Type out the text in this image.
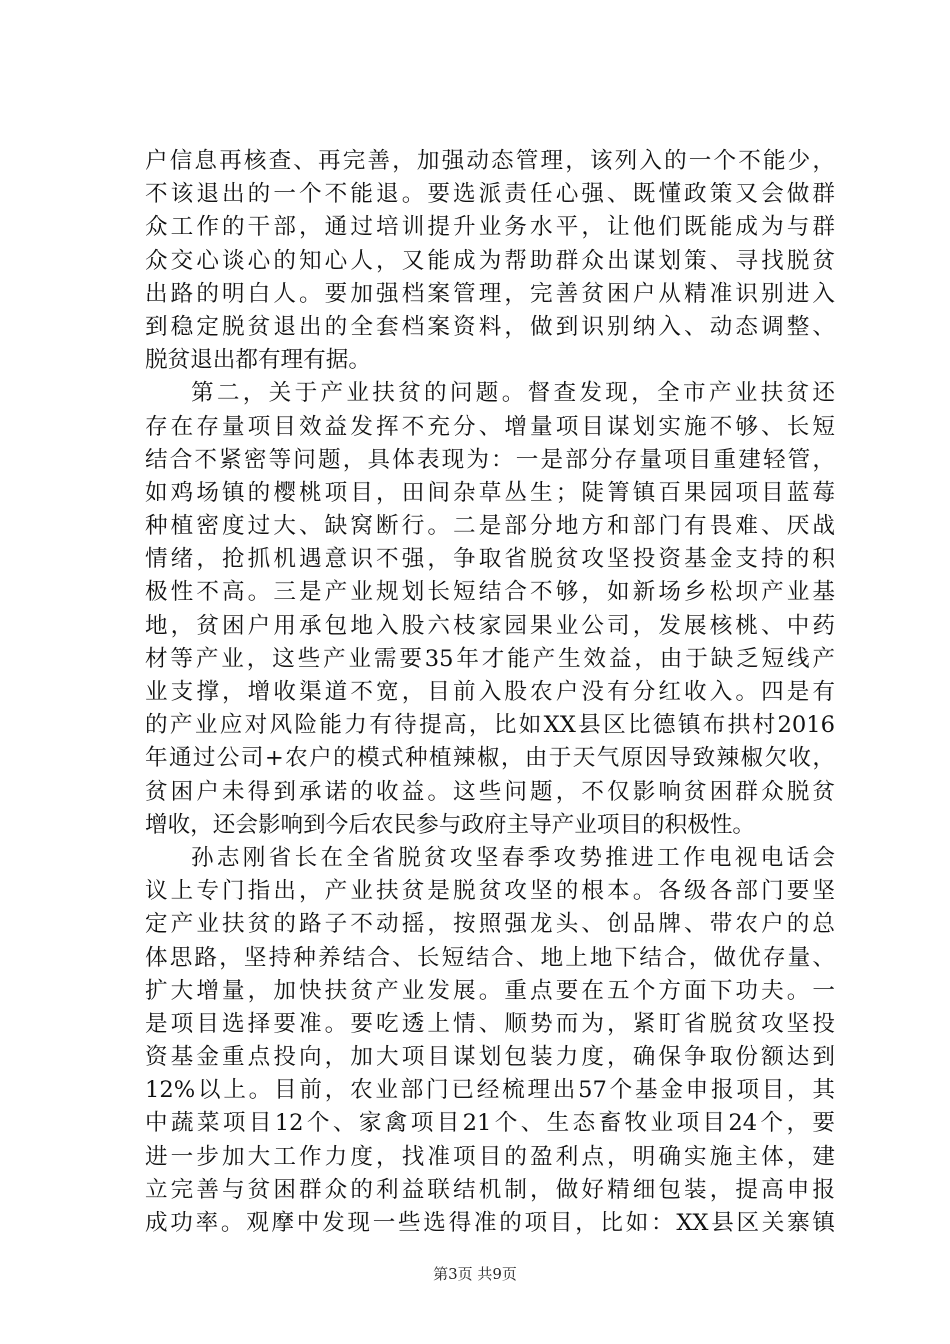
户信息再核查、再完善，加强动态管理，该列入的一个不能少，
不该退出的一个不能退。要选派责任心强、既懂政策又会做群
众工作的干部，通过培训提升业务水平，让他们既能成为与群
众交心谈心的知心人，又能成为帮助群众出谋划策、寻找脱贫
出路的明白人。要加强档案管理，完善贫困户从精准识别进入
到稳定脱贫退出的全套档案资料，做到识别纳入、动态调整、
脱贫退出都有理有据。
第二，关于产业扶贫的问题。督查发现，全市产业扶贫还
存在存量项目效益发挥不充分、增量项目谋划实施不够、长短
结合不紧密等问题，具体表现为：一是部分存量项目重建轻管，
如鸡场镇的樱桃项目，田间杂草丛生；陡箐镇百果园项目蓝莓
种植密度过大、缺窝断行。二是部分地方和部门有畏难、厌战
情绪，抢抓机遇意识不强，争取省脱贫攻坚投资基金支持的积
极性不高。三是产业规划长短结合不够，如新场乡松坝产业基
地，贫困户用承包地入股六枝家园果业公司，发展核桃、中药
材等产业，这些产业需要35年才能产生效益，由于缺乏短线产
业支撑，增收渠道不宽，目前入股农户没有分红收入。四是有
的产业应对风险能力有待提高，比如XX县区比德镇布拱村2016
年通过公司+农户的模式种植辣椒，由于天气原因导致辣椒欠收，
贫困户未得到承诺的收益。这些问题，不仅影响贫困群众脱贫
增收，还会影响到今后农民参与政府主导产业项目的积极性。
孙志刚省长在全省脱贫攻坚春季攻势推进工作电视电话会
议上专门指出，产业扶贫是脱贫攻坚的根本。各级各部门要坚
定产业扶贫的路子不动摇，按照强龙头、创品牌、带农户的总
体思路，坚持种养结合、长短结合、地上地下结合，做优存量、
扩大增量，加快扶贫产业发展。重点要在五个方面下功夫。一
是项目选择要准。要吃透上情、顺势而为，紧盯省脱贫攻坚投
资基金重点投向，加大项目谋划包装力度，确保争取份额达到
12%以上。目前，农业部门已经梳理出57个基金申报项目，其
中蔬菜项目12个、家禽项目21个、生态畜牧业项目24个，要
进一步加大工作力度，找准项目的盈利点，明确实施主体，建
立完善与贫困群众的利益联结机制，做好精细包装，提高申报
成功率。观摩中发现一些选得准的项目，比如：XX县区关寨镇
第3页 共9页
